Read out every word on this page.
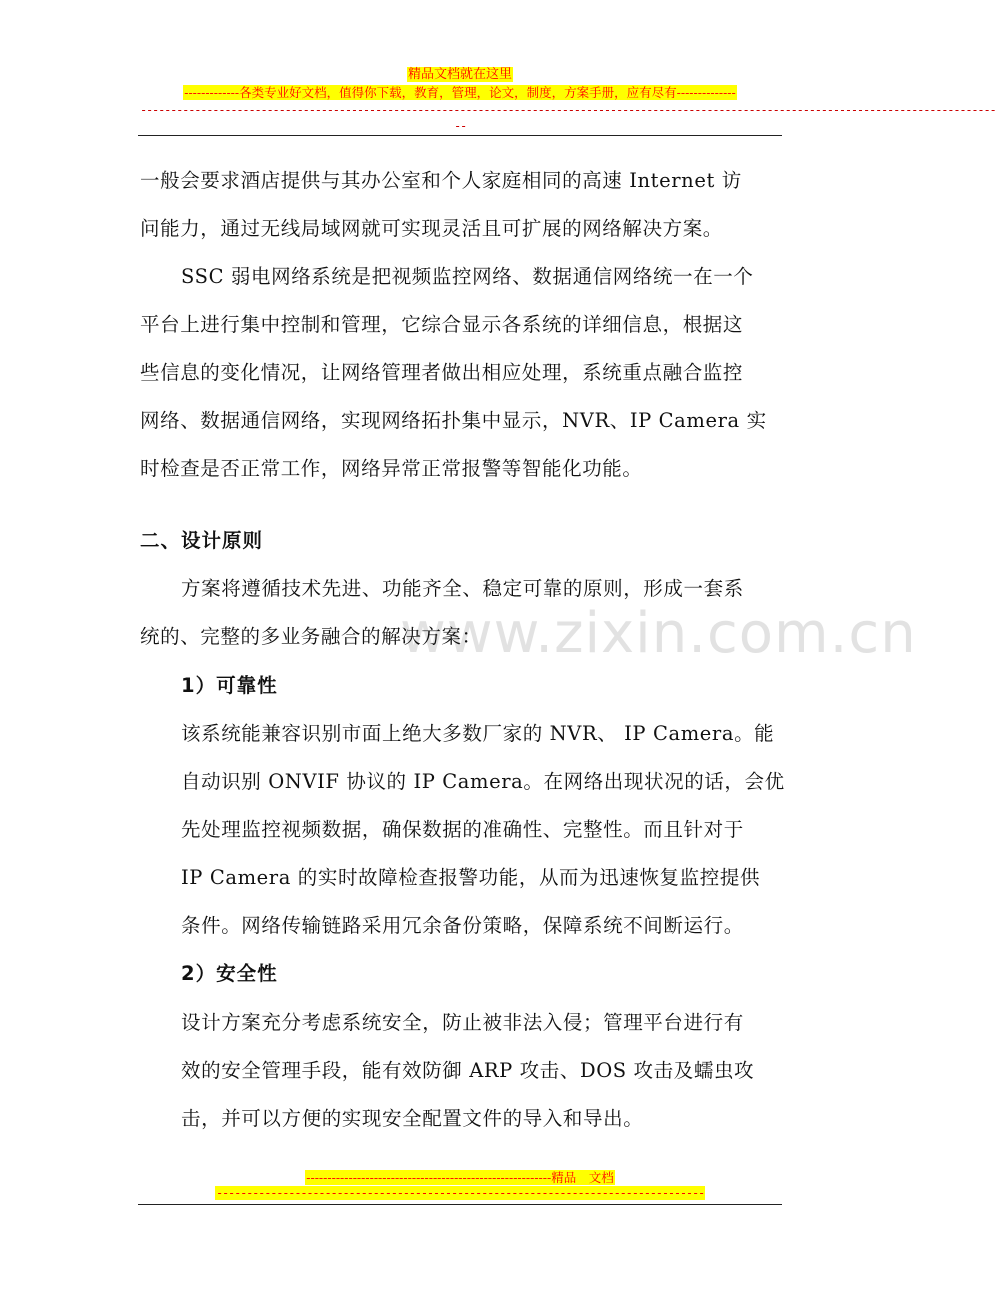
精品文档就在这里
-------------各类专业好文档，值得你下载，教育，管理，论文，制度，方案手册，应有尽有--------------
----------------------------------------------------------------------------------------------------------------------------------------------
--
www.zixin.com.cn
一般会要求酒店提供与其办公室和个人家庭相同的高速 Internet 访
问能力，通过无线局域网就可实现灵活且可扩展的网络解决方案。
SSC 弱电网络系统是把视频监控网络、数据通信网络统一在一个
平台上进行集中控制和管理，它综合显示各系统的详细信息，根据这
些信息的变化情况，让网络管理者做出相应处理，系统重点融合监控
网络、数据通信网络，实现网络拓扑集中显示，NVR、IP Camera 实
时检查是否正常工作，网络异常正常报警等智能化功能。
二、设计原则
方案将遵循技术先进、功能齐全、稳定可靠的原则，形成一套系
统的、完整的多业务融合的解决方案：
1）可靠性
该系统能兼容识别市面上绝大多数厂家的 NVR、 IP Camera。能
自动识别 ONVIF 协议的 IP Camera。在网络出现状况的话，会优
先处理监控视频数据，确保数据的准确性、完整性。而且针对于
IP Camera 的实时故障检查报警功能，从而为迅速恢复监控提供
条件。网络传输链路采用冗余备份策略，保障系统不间断运行。
2）安全性
设计方案充分考虑系统安全，防止被非法入侵；管理平台进行有
效的安全管理手段，能有效防御 ARP 攻击、DOS 攻击及蠕虫攻
击，并可以方便的实现安全配置文件的导入和导出。
----------------------------------------------------------精品　文档
---------------------------------------------------------------------------------
